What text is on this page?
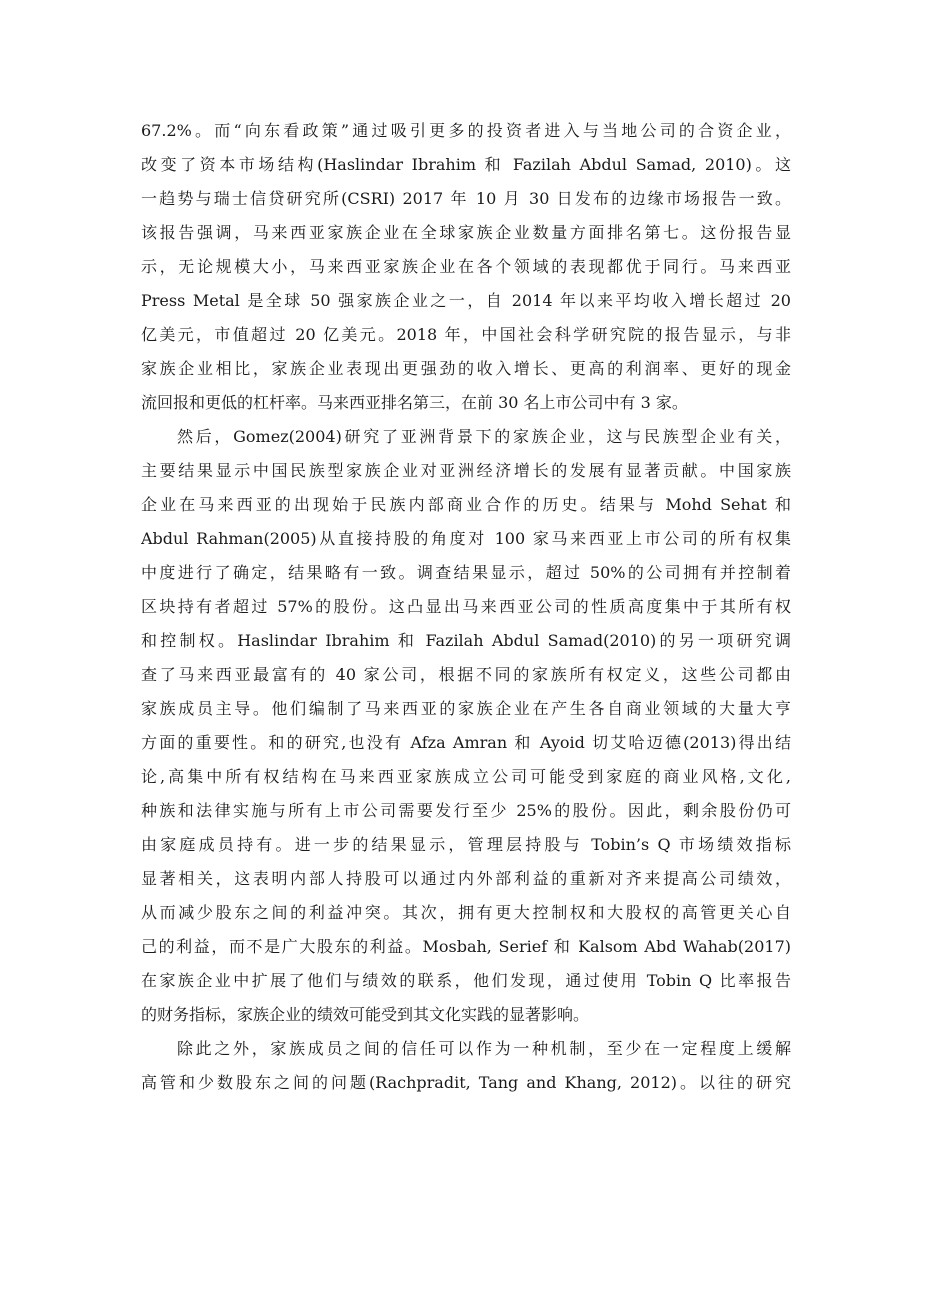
67.2%。而“向东看政策”通过吸引更多的投资者进入与当地公司的合资企业，
改变了资本市场结构(Haslindar Ibrahim 和 Fazilah Abdul Samad, 2010)。这
一趋势与瑞士信贷研究所(CSRI) 2017 年 10 月 30 日发布的边缘市场报告一致。
该报告强调，马来西亚家族企业在全球家族企业数量方面排名第七。这份报告显
示，无论规模大小，马来西亚家族企业在各个领域的表现都优于同行。马来西亚
Press Metal 是全球 50 强家族企业之一，自 2014 年以来平均收入增长超过 20
亿美元，市值超过 20 亿美元。2018 年，中国社会科学研究院的报告显示，与非
家族企业相比，家族企业表现出更强劲的收入增长、更高的利润率、更好的现金
流回报和更低的杠杆率。马来西亚排名第三，在前 30 名上市公司中有 3 家。
然后，Gomez(2004)研究了亚洲背景下的家族企业，这与民族型企业有关，
主要结果显示中国民族型家族企业对亚洲经济增长的发展有显著贡献。中国家族
企业在马来西亚的出现始于民族内部商业合作的历史。结果与 Mohd Sehat 和
Abdul Rahman(2005)从直接持股的角度对 100 家马来西亚上市公司的所有权集
中度进行了确定，结果略有一致。调查结果显示，超过 50%的公司拥有并控制着
区块持有者超过 57%的股份。这凸显出马来西亚公司的性质高度集中于其所有权
和控制权。Haslindar Ibrahim 和 Fazilah Abdul Samad(2010)的另一项研究调
查了马来西亚最富有的 40 家公司，根据不同的家族所有权定义，这些公司都由
家族成员主导。他们编制了马来西亚的家族企业在产生各自商业领域的大量大亨
方面的重要性。和的研究,也没有 Afza Amran 和 Ayoid 切艾哈迈德(2013)得出结
论,高集中所有权结构在马来西亚家族成立公司可能受到家庭的商业风格,文化,
种族和法律实施与所有上市公司需要发行至少 25%的股份。因此，剩余股份仍可
由家庭成员持有。进一步的结果显示，管理层持股与 Tobin’s Q 市场绩效指标
显著相关，这表明内部人持股可以通过内外部利益的重新对齐来提高公司绩效，
从而减少股东之间的利益冲突。其次，拥有更大控制权和大股权的高管更关心自
己的利益，而不是广大股东的利益。Mosbah, Serief 和 Kalsom Abd Wahab(2017)
在家族企业中扩展了他们与绩效的联系，他们发现，通过使用 Tobin Q 比率报告
的财务指标，家族企业的绩效可能受到其文化实践的显著影响。
除此之外，家族成员之间的信任可以作为一种机制，至少在一定程度上缓解
高管和少数股东之间的问题(Rachpradit, Tang and Khang, 2012)。以往的研究
